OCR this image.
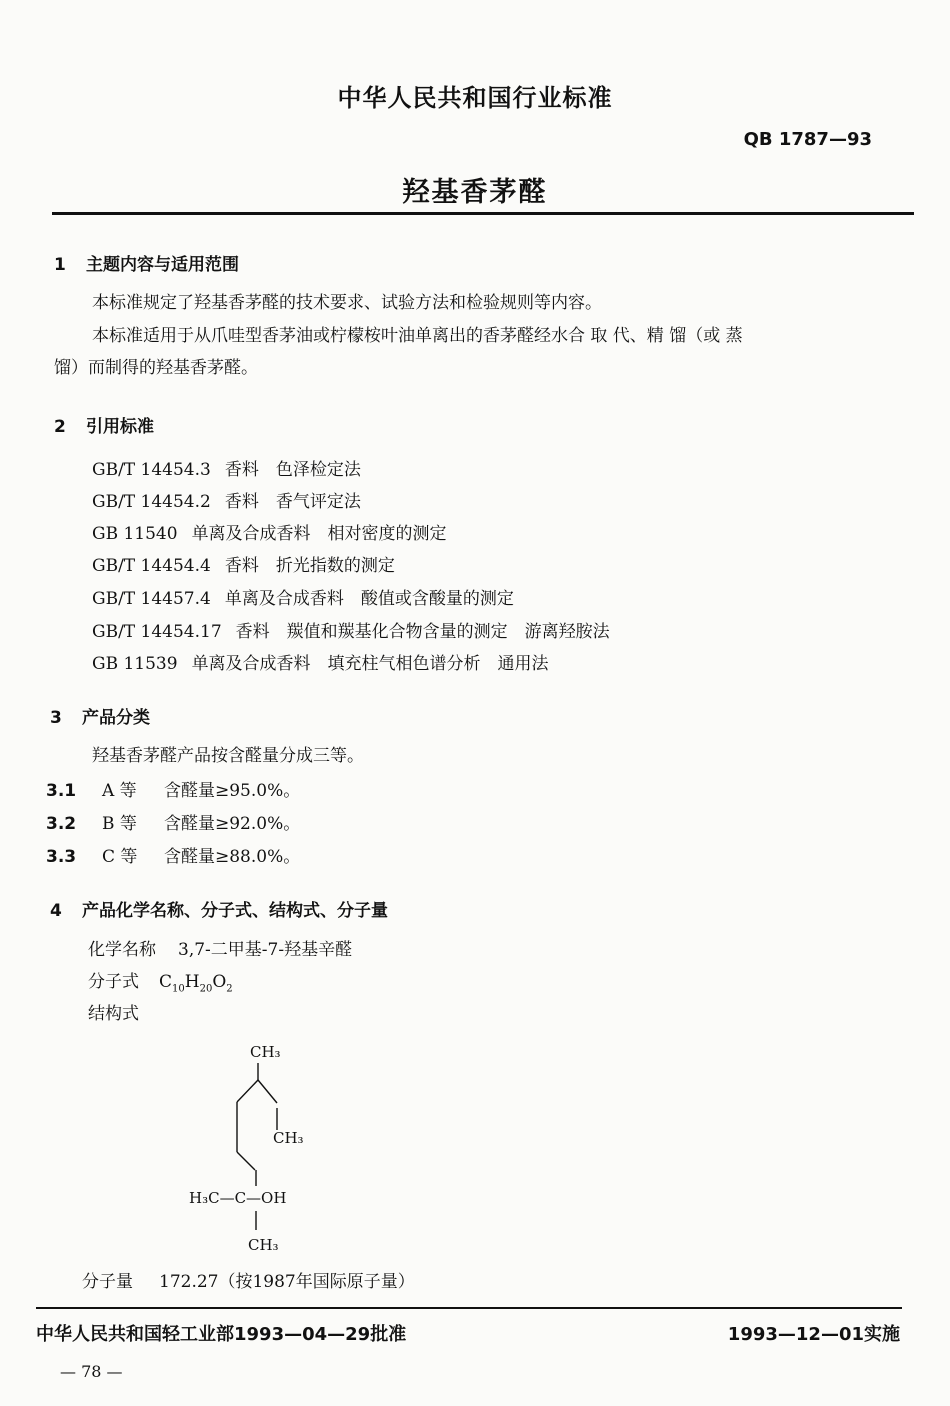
中华人民共和国行业标准
QB 1787—93
羟基香茅醛
1 主题内容与适用范围
本标准规定了羟基香茅醛的技术要求、试验方法和检验规则等内容。
本标准适用于从爪哇型香茅油或柠檬桉叶油单离出的香茅醛经水合 取 代、精 馏（或 蒸
馏）而制得的羟基香茅醛。
2 引用标准
GB/T 14454.3 香料　色泽检定法
GB/T 14454.2 香料　香气评定法
GB 11540 单离及合成香料　相对密度的测定
GB/T 14454.4 香料　折光指数的测定
GB/T 14457.4 单离及合成香料　酸值或含酸量的测定
GB/T 14454.17 香料　羰值和羰基化合物含量的测定　游离羟胺法
GB 11539 单离及合成香料　填充柱气相色谱分析　通用法
3 产品分类
羟基香茅醛产品按含醛量分成三等。
3.1 A 等 含醛量≥95.0%。
3.2 B 等 含醛量≥92.0%。
3.3 C 等 含醛量≥88.0%。
4 产品化学名称、分子式、结构式、分子量
化学名称 3,7-二甲基-7-羟基辛醛
分子式 $C_{10}H_{20}O_2$
结构式
CH₃
CH₃
H₃C—C—OH
CH₃
分子量 172.27（按1987年国际原子量）
中华人民共和国轻工业部1993—04—29批准	1993—12—01实施
— 78 —
